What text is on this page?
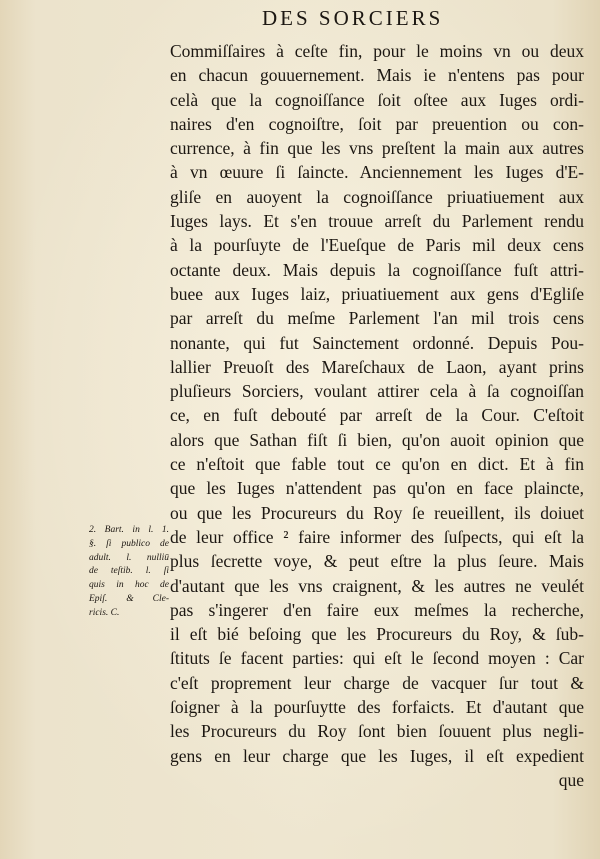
DES SORCIERS
Commiſſaires à ceſte fin, pour le moins vn ou deux
en chacun gouuernement. Mais ie n'entens pas pour
celà que la cognoiſſance ſoit oſtee aux Iuges ordi-
naires d'en cognoiſtre, ſoit par preuention ou con-
currence, à fin que les vns preſtent la main aux autres
à vn œuure ſi ſaincte. Anciennement les Iuges d'E-
gliſe en auoyent la cognoiſſance priuatiuement aux
Iuges lays. Et s'en trouue arreſt du Parlement rendu
à la pourſuyte de l'Eueſque de Paris mil deux cens
octante deux. Mais depuis la cognoiſſance fuſt attri-
buee aux Iuges laiz, priuatiuement aux gens d'Egliſe
par arreſt du meſme Parlement l'an mil trois cens
nonante, qui fut Sainctement ordonné. Depuis Pou-
lallier Preuoſt des Mareſchaux de Laon, ayant prins
pluſieurs Sorciers, voulant attirer cela à ſa cognoiſſan
ce, en fuſt debouté par arreſt de la Cour. C'eſtoit
alors que Sathan fiſt ſi bien, qu'on auoit opinion que
ce n'eſtoit que fable tout ce qu'on en dict. Et à fin
que les Iuges n'attendent pas qu'on en face plaincte,
ou que les Procureurs du Roy ſe reueillent, ils doiuet
de leur office ² faire informer des ſuſpects, qui eſt la
plus ſecrette voye, & peut eſtre la plus ſeure. Mais
d'autant que les vns craignent, & les autres ne veulét
pas s'ingerer d'en faire eux meſmes la recherche,
il eſt bié beſoing que les Procureurs du Roy, & ſub-
ſtituts ſe facent parties: qui eſt le ſecond moyen : Car
c'eſt proprement leur charge de vacquer ſur tout &
ſoigner à la pourſuytte des forfaicts. Et d'autant que
les Procureurs du Roy ſont bien ſouuent plus negli-
gens en leur charge que les Iuges, il eſt expedient
que
2. Bart. in l. 1.
§. ſi publico de
adult. l. nulliū
de teſtib. l. ſi
quis in hoc de
Epiſ. & Cle-
ricis. C.
